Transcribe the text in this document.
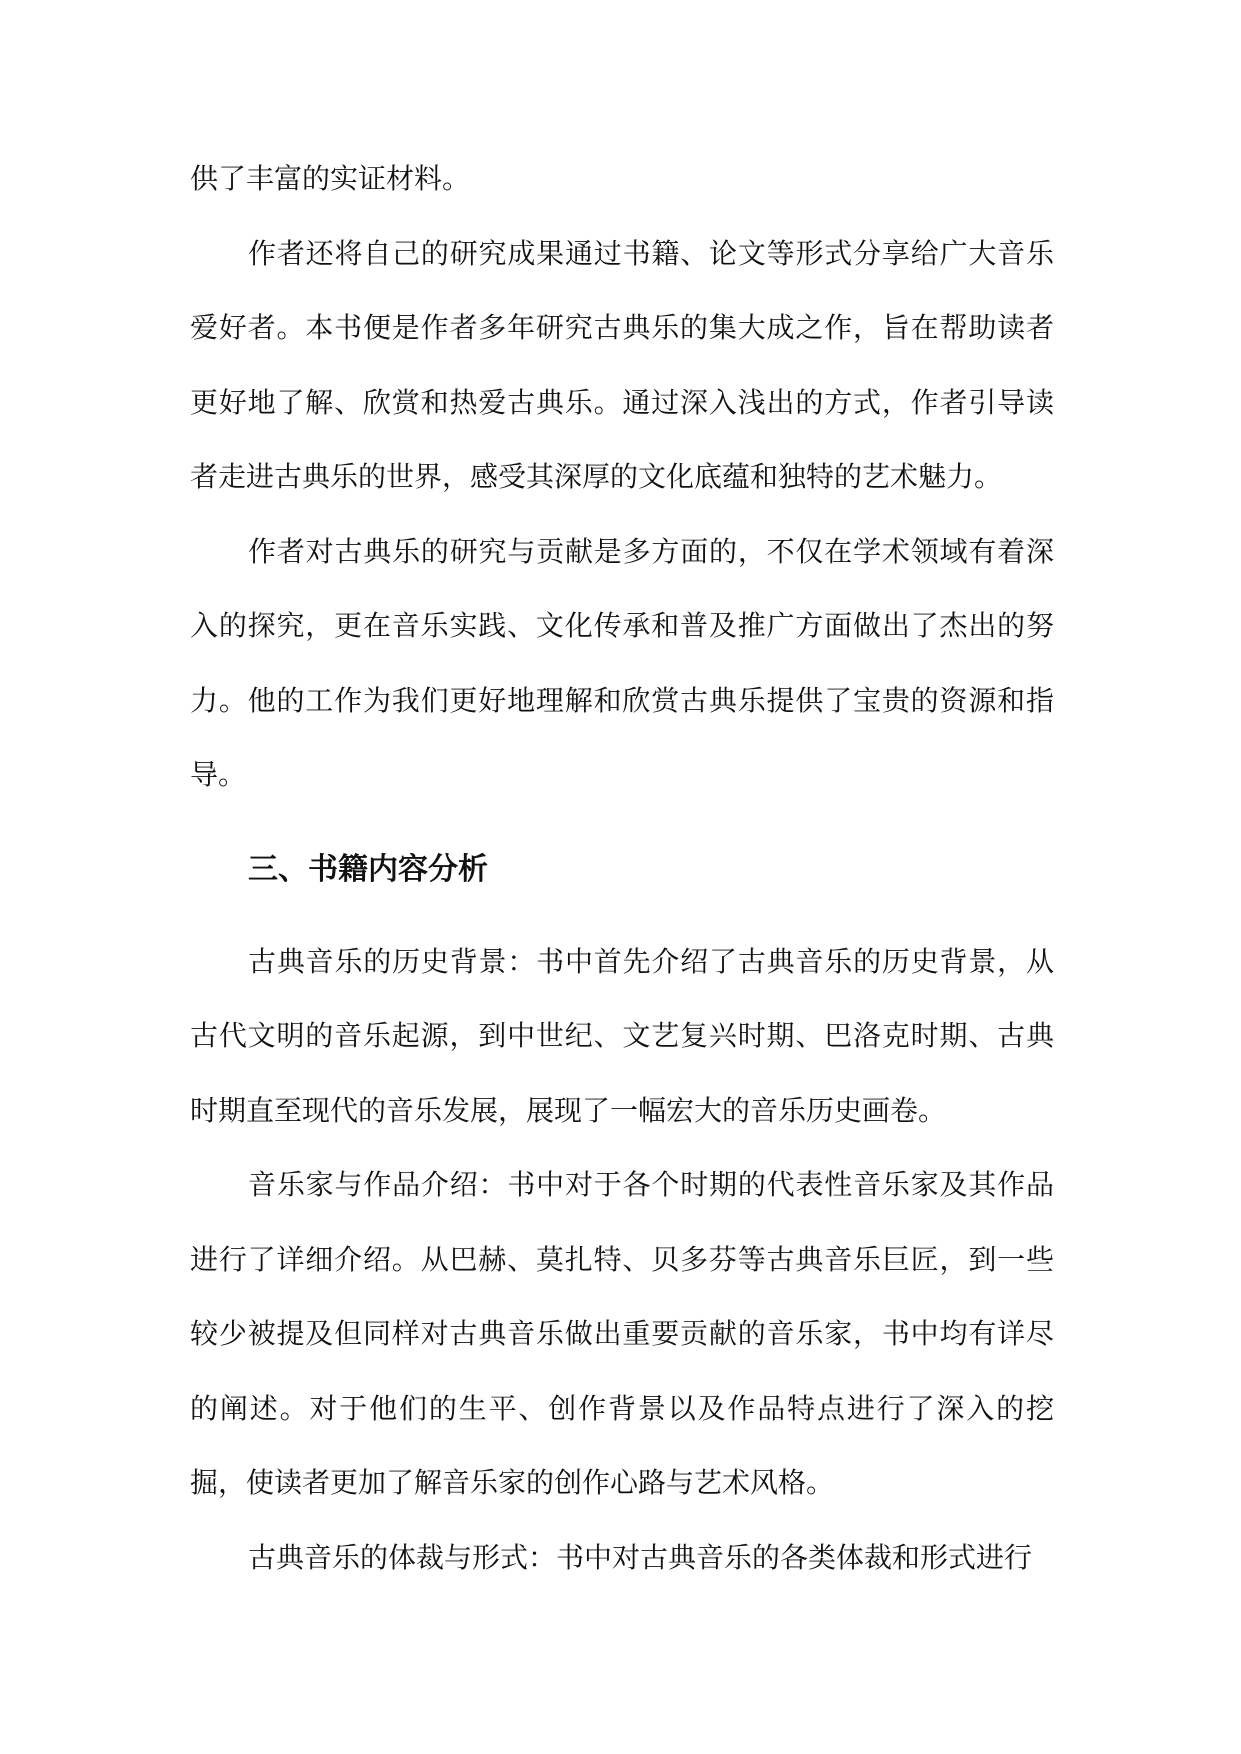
供了丰富的实证材料。

作者还将自己的研究成果通过书籍、论文等形式分享给广大音乐爱好者。本书便是作者多年研究古典乐的集大成之作，旨在帮助读者更好地了解、欣赏和热爱古典乐。通过深入浅出的方式，作者引导读者走进古典乐的世界，感受其深厚的文化底蕴和独特的艺术魅力。

作者对古典乐的研究与贡献是多方面的，不仅在学术领域有着深入的探究，更在音乐实践、文化传承和普及推广方面做出了杰出的努力。他的工作为我们更好地理解和欣赏古典乐提供了宝贵的资源和指导。

三、书籍内容分析

古典音乐的历史背景：书中首先介绍了古典音乐的历史背景，从古代文明的音乐起源，到中世纪、文艺复兴时期、巴洛克时期、古典时期直至现代的音乐发展，展现了一幅宏大的音乐历史画卷。

音乐家与作品介绍：书中对于各个时期的代表性音乐家及其作品进行了详细介绍。从巴赫、莫扎特、贝多芬等古典音乐巨匠，到一些较少被提及但同样对古典音乐做出重要贡献的音乐家，书中均有详尽的阐述。对于他们的生平、创作背景以及作品特点进行了深入的挖掘，使读者更加了解音乐家的创作心路与艺术风格。

古典音乐的体裁与形式：书中对古典音乐的各类体裁和形式进行
